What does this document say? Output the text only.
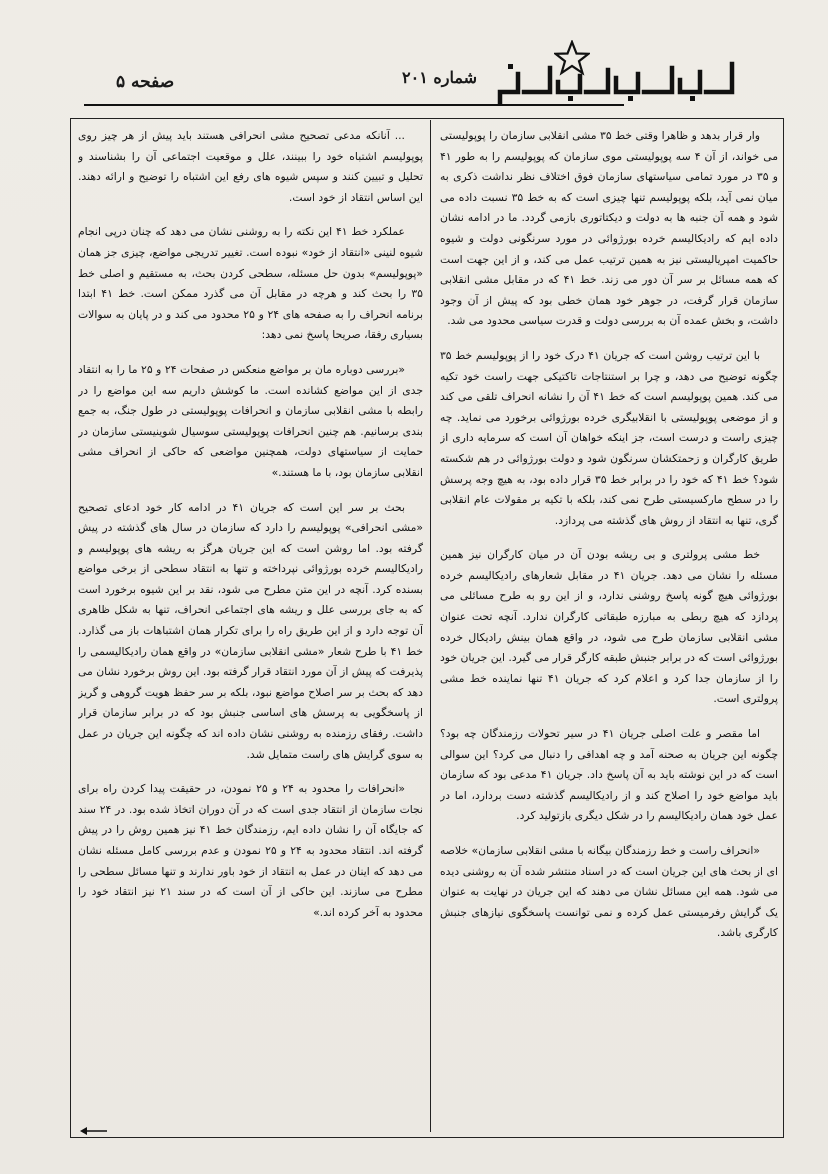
صفحه ۵	شماره ۲۰۱

وار قرار بدهد و ظاهرا وقتی خط ۳۵ مشی انقلابی سازمان را پوپولیستی می خواند، از آن ۴ سه پوپولیستی موی سازمان که پوپولیسم را به طور ۴۱ و ۳۵ در مورد تمامی سیاستهای سازمان فوق اختلاف نظر نداشت ذکری به میان نمی آید، بلکه پوپولیسم تنها چیزی است که به خط ۳۵ نسبت داده می شود و همه آن جنبه ها به دولت و دیکتاتوری بازمی گردد. ما در ادامه نشان داده ایم که رادیکالیسم خرده بورژوائی در مورد سرنگونی دولت و شیوه حاکمیت امپریالیستی نیز به همین ترتیب عمل می کند، و از این جهت است که همه مسائل بر سر آن دور می زند. خط ۴۱ که در مقابل مشی انقلابی سازمان قرار گرفت، در جوهر خود همان خطی بود که پیش از آن وجود داشت، و بخش عمده آن به بررسی دولت و قدرت سیاسی محدود می شد.

با این ترتیب روشن است که جریان ۴۱ درک خود را از پوپولیسم خط ۳۵ چگونه توضیح می دهد، و چرا بر استنتاجات تاکتیکی جهت راست خود تکیه می کند. همین پوپولیسم است که خط ۴۱ آن را نشانه انحراف تلقی می کند و از موضعی پوپولیستی با انقلابیگری خرده بورژوائی برخورد می نماید. چه چیزی راست و درست است، جز اینکه خواهان آن است که سرمایه داری از طریق کارگران و زحمتکشان سرنگون شود و دولت بورژوائی در هم شکسته شود؟ خط ۴۱ که خود را در برابر خط ۳۵ قرار داده بود، به هیچ وجه پرسش را در سطح مارکسیستی طرح نمی کند، بلکه با تکیه بر مقولات عام انقلابی گری، تنها به انتقاد از روش های گذشته می پردازد.

خط مشی پرولتری و بی ریشه بودن آن در میان کارگران نیز همین مسئله را نشان می دهد. جریان ۴۱ در مقابل شعارهای رادیکالیسم خرده بورژوائی هیچ گونه پاسخ روشنی ندارد، و از این رو به طرح مسائلی می پردازد که هیچ ربطی به مبارزه طبقاتی کارگران ندارد. آنچه تحت عنوان مشی انقلابی سازمان طرح می شود، در واقع همان بینش رادیکال خرده بورژوائی است که در برابر جنبش طبقه کارگر قرار می گیرد. این جریان خود را از سازمان جدا کرد و اعلام کرد که جریان ۴۱ تنها نماینده خط مشی پرولتری است.

اما مقصر و علت اصلی جریان ۴۱ در سیر تحولات رزمندگان چه بود؟ چگونه این جریان به صحنه آمد و چه اهدافی را دنبال می کرد؟ این سوالی است که در این نوشته باید به آن پاسخ داد. جریان ۴۱ مدعی بود که سازمان باید مواضع خود را اصلاح کند و از رادیکالیسم گذشته دست بردارد، اما در عمل خود همان رادیکالیسم را در شکل دیگری بازتولید کرد.

«انحراف راست و خط رزمندگان بیگانه با مشی انقلابی سازمان» خلاصه ای از بحث های این جریان است که در اسناد منتشر شده آن به روشنی دیده می شود. همه این مسائل نشان می دهند که این جریان در نهایت به عنوان یک گرایش رفرمیستی عمل کرده و نمی توانست پاسخگوی نیازهای جنبش کارگری باشد.

... آنانکه مدعی تصحیح مشی انحرافی هستند باید پیش از هر چیز روی پوپولیسم اشتباه خود را ببینند، علل و موقعیت اجتماعی آن را بشناسند و تحلیل و تبیین کنند و سپس شیوه های رفع این اشتباه را توضیح و ارائه دهند. این اساس انتقاد از خود است.

عملکرد خط ۴۱ این نکته را به روشنی نشان می دهد که چنان درپی انجام شیوه لنینی «انتقاد از خود» نبوده است. تغییر تدریجی مواضع، چیزی جز همان «پوپولیسم» بدون حل مسئله، سطحی کردن بحث، به مستقیم و اصلی خط ۳۵ را بحث کند و هرچه در مقابل آن می گذرد ممکن است. خط ۴۱ ابتدا برنامه انحراف را به صفحه های ۲۴ و ۲۵ محدود می کند و در پایان به سوالات بسیاری رفقا، صریحا پاسخ نمی دهد:

«بررسی دوباره مان بر مواضع منعکس در صفحات ۲۴ و ۲۵ ما را به انتقاد جدی از این مواضع کشانده است. ما کوشش داریم سه این مواضع را در رابطه با مشی انقلابی سازمان و انحرافات پوپولیستی در طول جنگ، به جمع بندی برسانیم. هم چنین انحرافات پوپولیستی سوسیال شوینیستی سازمان در حمایت از سیاستهای دولت، همچنین مواضعی که حاکی از انحراف مشی انقلابی سازمان بود، با ما هستند.»

بحث بر سر این است که جریان ۴۱ در ادامه کار خود ادعای تصحیح «مشی انحرافی» پوپولیسم را دارد که سازمان در سال های گذشته در پیش گرفته بود. اما روشن است که این جریان هرگز به ریشه های پوپولیسم و رادیکالیسم خرده بورژوائی نپرداخته و تنها به انتقاد سطحی از برخی مواضع بسنده کرد. آنچه در این متن مطرح می شود، نقد بر این شیوه برخورد است که به جای بررسی علل و ریشه های اجتماعی انحراف، تنها به شکل ظاهری آن توجه دارد و از این طریق راه را برای تکرار همان اشتباهات باز می گذارد. خط ۴۱ با طرح شعار «مشی انقلابی سازمان» در واقع همان رادیکالیسمی را پذیرفت که پیش از آن مورد انتقاد قرار گرفته بود. این روش برخورد نشان می دهد که بحث بر سر اصلاح مواضع نبود، بلکه بر سر حفظ هویت گروهی و گریز از پاسخگویی به پرسش های اساسی جنبش بود که در برابر سازمان قرار داشت. رفقای رزمنده به روشنی نشان داده اند که چگونه این جریان در عمل به سوی گرایش های راست متمایل شد.

«انحرافات را محدود به ۲۴ و ۲۵ نمودن، در حقیقت پیدا کردن راه برای نجات سازمان از انتقاد جدی است که در آن دوران اتخاذ شده بود. در ۲۴ سند که جایگاه آن را نشان داده ایم، رزمندگان خط ۴۱ نیز همین روش را در پیش گرفته اند. انتقاد محدود به ۲۴ و ۲۵ نمودن و عدم بررسی کامل مسئله نشان می دهد که اینان در عمل به انتقاد از خود باور ندارند و تنها مسائل سطحی را مطرح می سازند. این حاکی از آن است که در سند ۲۱ نیز انتقاد خود را محدود به آخر کرده اند.»
